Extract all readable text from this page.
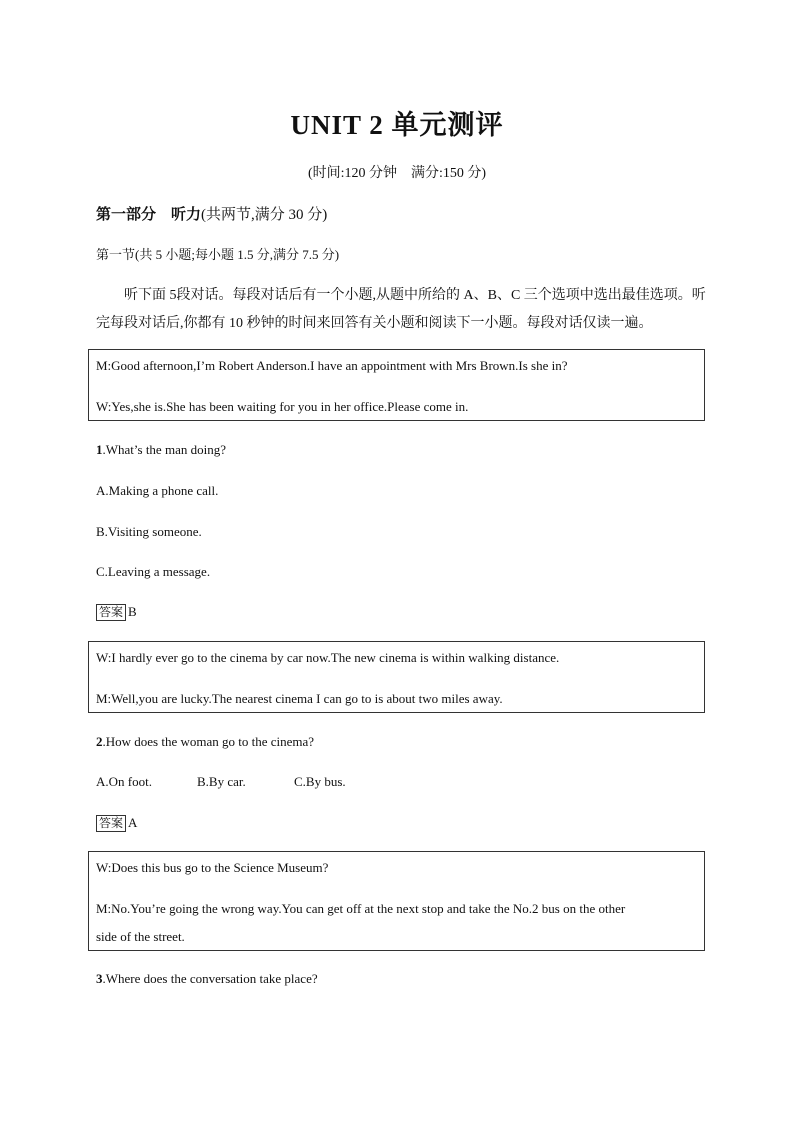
UNIT 2 单元测评
(时间:120 分钟　满分:150 分)
第一部分　听力(共两节,满分 30 分)
第一节(共 5 小题;每小题 1.5 分,满分 7.5 分)
听下面 5段对话。每段对话后有一个小题,从题中所给的 A、B、C 三个选项中选出最佳选项。听完每段对话后,你都有 10 秒钟的时间来回答有关小题和阅读下一小题。每段对话仅读一遍。
M:Good afternoon,I’m Robert Anderson.I have an appointment with Mrs Brown.Is she in?
W:Yes,she is.She has been waiting for you in her office.Please come in.
1.What’s the man doing?
A.Making a phone call.
B.Visiting someone.
C.Leaving a message.
答案 B
W:I hardly ever go to the cinema by car now.The new cinema is within walking distance.
M:Well,you are lucky.The nearest cinema I can go to is about two miles away.
2.How does the woman go to the cinema?
A.On foot.	B.By car.	C.By bus.
答案 A
W:Does this bus go to the Science Museum?
M:No.You’re going the wrong way.You can get off at the next stop and take the No.2 bus on the other
side of the street.
3.Where does the conversation take place?
